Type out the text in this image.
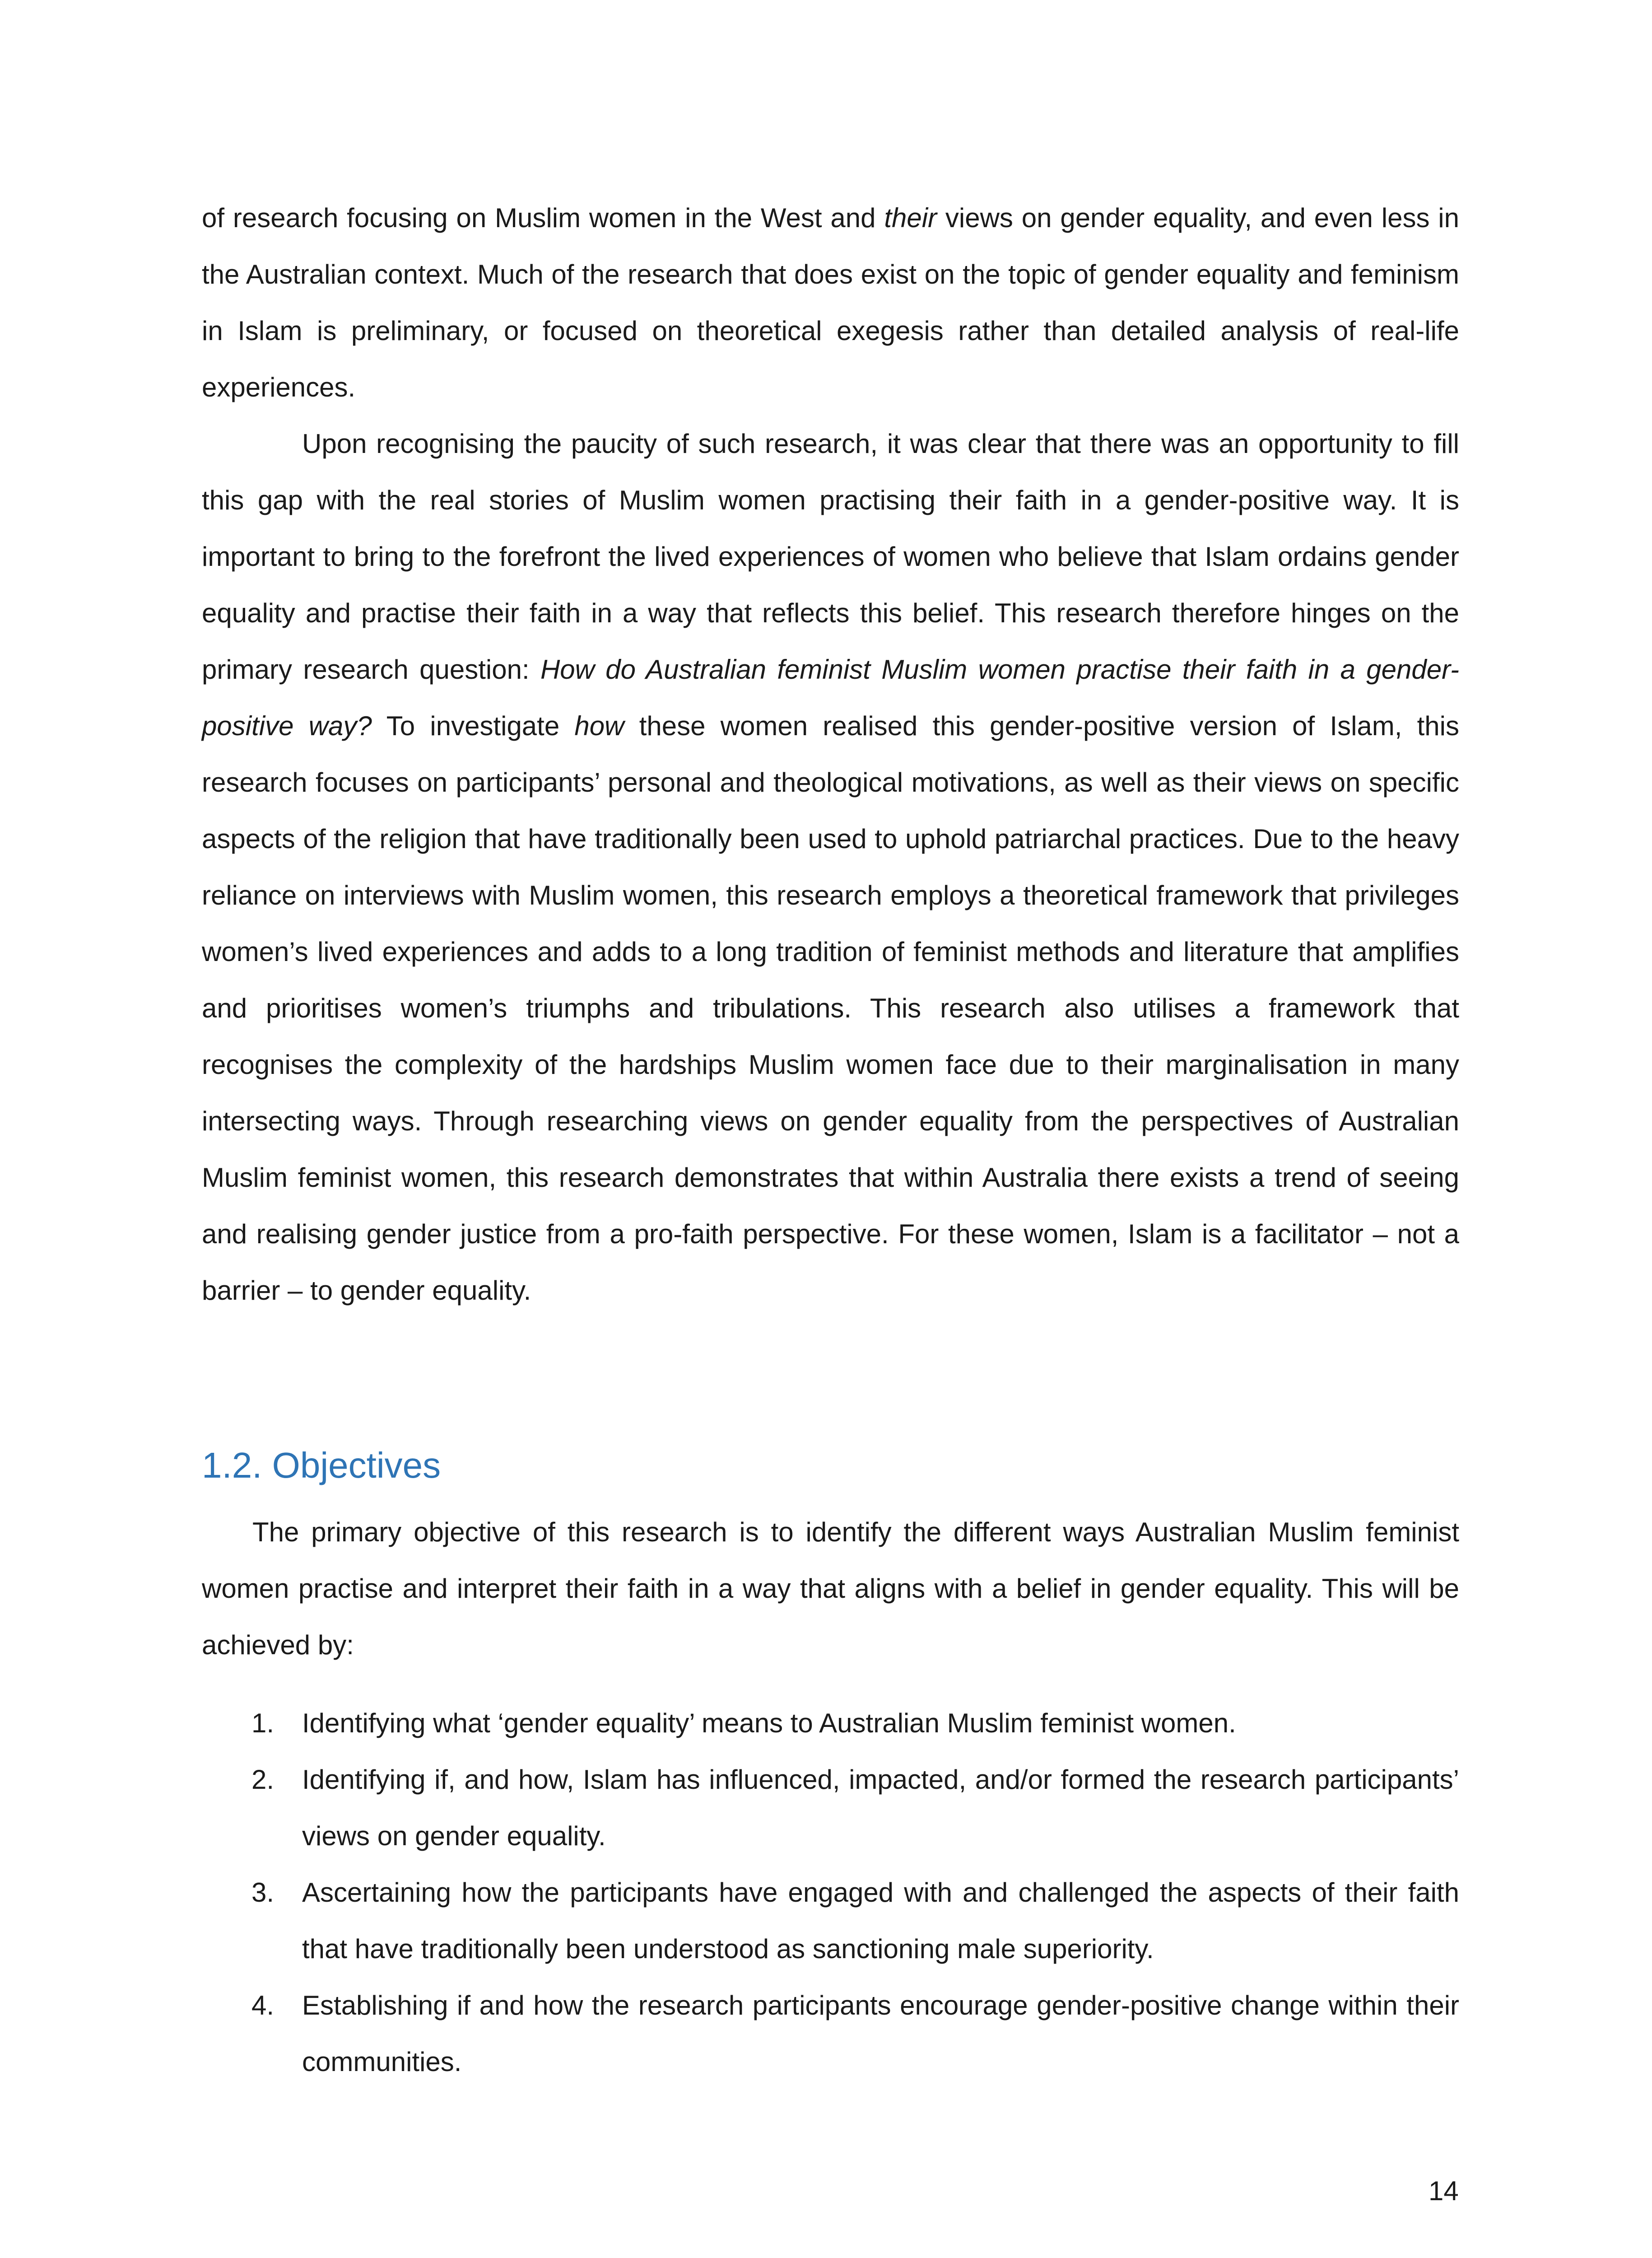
of research focusing on Muslim women in the West and their views on gender equality, and even less in the Australian context. Much of the research that does exist on the topic of gender equality and feminism in Islam is preliminary, or focused on theoretical exegesis rather than detailed analysis of real-life experiences.

Upon recognising the paucity of such research, it was clear that there was an opportunity to fill this gap with the real stories of Muslim women practising their faith in a gender-positive way. It is important to bring to the forefront the lived experiences of women who believe that Islam ordains gender equality and practise their faith in a way that reflects this belief. This research therefore hinges on the primary research question: How do Australian feminist Muslim women practise their faith in a gender-positive way? To investigate how these women realised this gender-positive version of Islam, this research focuses on participants’ personal and theological motivations, as well as their views on specific aspects of the religion that have traditionally been used to uphold patriarchal practices. Due to the heavy reliance on interviews with Muslim women, this research employs a theoretical framework that privileges women’s lived experiences and adds to a long tradition of feminist methods and literature that amplifies and prioritises women’s triumphs and tribulations. This research also utilises a framework that recognises the complexity of the hardships Muslim women face due to their marginalisation in many intersecting ways. Through researching views on gender equality from the perspectives of Australian Muslim feminist women, this research demonstrates that within Australia there exists a trend of seeing and realising gender justice from a pro-faith perspective. For these women, Islam is a facilitator – not a barrier – to gender equality.

1.2. Objectives

The primary objective of this research is to identify the different ways Australian Muslim feminist women practise and interpret their faith in a way that aligns with a belief in gender equality. This will be achieved by:

1. Identifying what ‘gender equality’ means to Australian Muslim feminist women.
2. Identifying if, and how, Islam has influenced, impacted, and/or formed the research participants’ views on gender equality.
3. Ascertaining how the participants have engaged with and challenged the aspects of their faith that have traditionally been understood as sanctioning male superiority.
4. Establishing if and how the research participants encourage gender-positive change within their communities.
14
